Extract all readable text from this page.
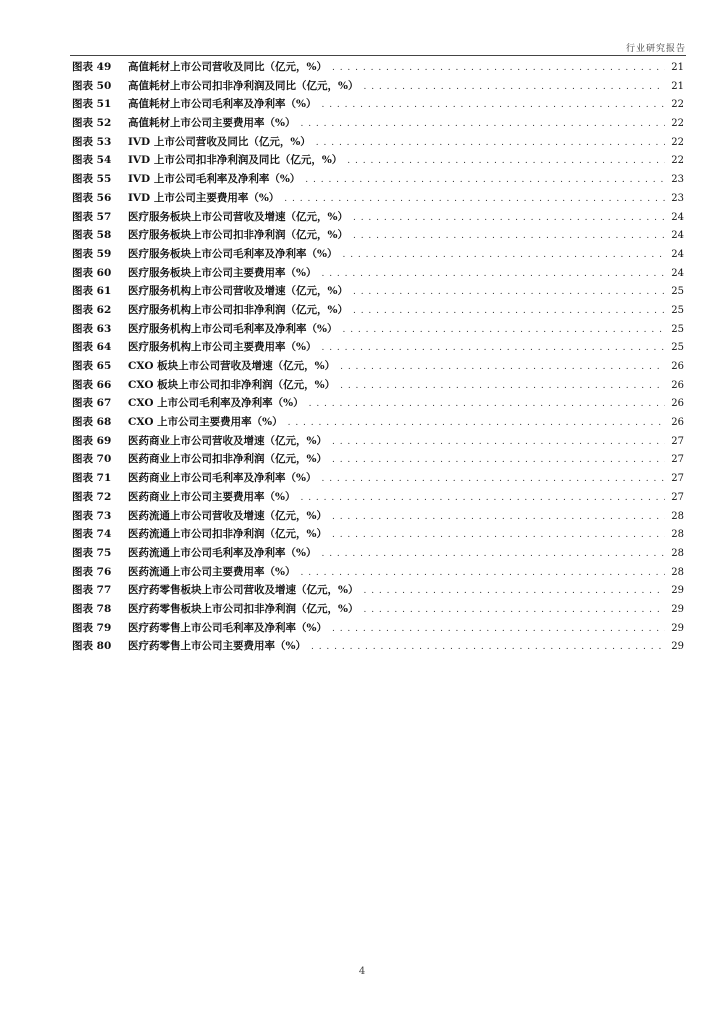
行业研究报告
图表 49	高值耗材上市公司营收及同比（亿元，%） . . .	21
图表 50	高值耗材上市公司扣非净利润及同比（亿元，%） . . .	21
图表 51	高值耗材上市公司毛利率及净利率（%） . . .	22
图表 52	高值耗材上市公司主要费用率（%） . . .	22
图表 53	IVD 上市公司营收及同比（亿元，%） . . .	22
图表 54	IVD 上市公司扣非净利润及同比（亿元，%） . . .	22
图表 55	IVD 上市公司毛利率及净利率（%） . . .	23
图表 56	IVD 上市公司主要费用率（%） . . .	23
图表 57	医疗服务板块上市公司营收及增速（亿元，%） . . .	24
图表 58	医疗服务板块上市公司扣非净利润（亿元，%） . . .	24
图表 59	医疗服务板块上市公司毛利率及净利率（%） . . .	24
图表 60	医疗服务板块上市公司主要费用率（%） . . .	24
图表 61	医疗服务机构上市公司营收及增速（亿元，%） . . .	25
图表 62	医疗服务机构上市公司扣非净利润（亿元，%） . . .	25
图表 63	医疗服务机构上市公司毛利率及净利率（%） . . .	25
图表 64	医疗服务机构上市公司主要费用率（%） . . .	25
图表 65	CXO 板块上市公司营收及增速（亿元，%） . . .	26
图表 66	CXO 板块上市公司扣非净利润（亿元，%） . . .	26
图表 67	CXO 上市公司毛利率及净利率（%） . . .	26
图表 68	CXO 上市公司主要费用率（%） . . .	26
图表 69	医药商业上市公司营收及增速（亿元，%） . . .	27
图表 70	医药商业上市公司扣非净利润（亿元，%） . . .	27
图表 71	医药商业上市公司毛利率及净利率（%） . . .	27
图表 72	医药商业上市公司主要费用率（%） . . .	27
图表 73	医药流通上市公司营收及增速（亿元，%） . . .	28
图表 74	医药流通上市公司扣非净利润（亿元，%） . . .	28
图表 75	医药流通上市公司毛利率及净利率（%） . . .	28
图表 76	医药流通上市公司主要费用率（%） . . .	28
图表 77	医疗药零售板块上市公司营收及增速（亿元，%） . . .	29
图表 78	医疗药零售板块上市公司扣非净利润（亿元，%） . . .	29
图表 79	医疗药零售上市公司毛利率及净利率（%） . . .	29
图表 80	医疗药零售上市公司主要费用率（%） . . .	29
4
